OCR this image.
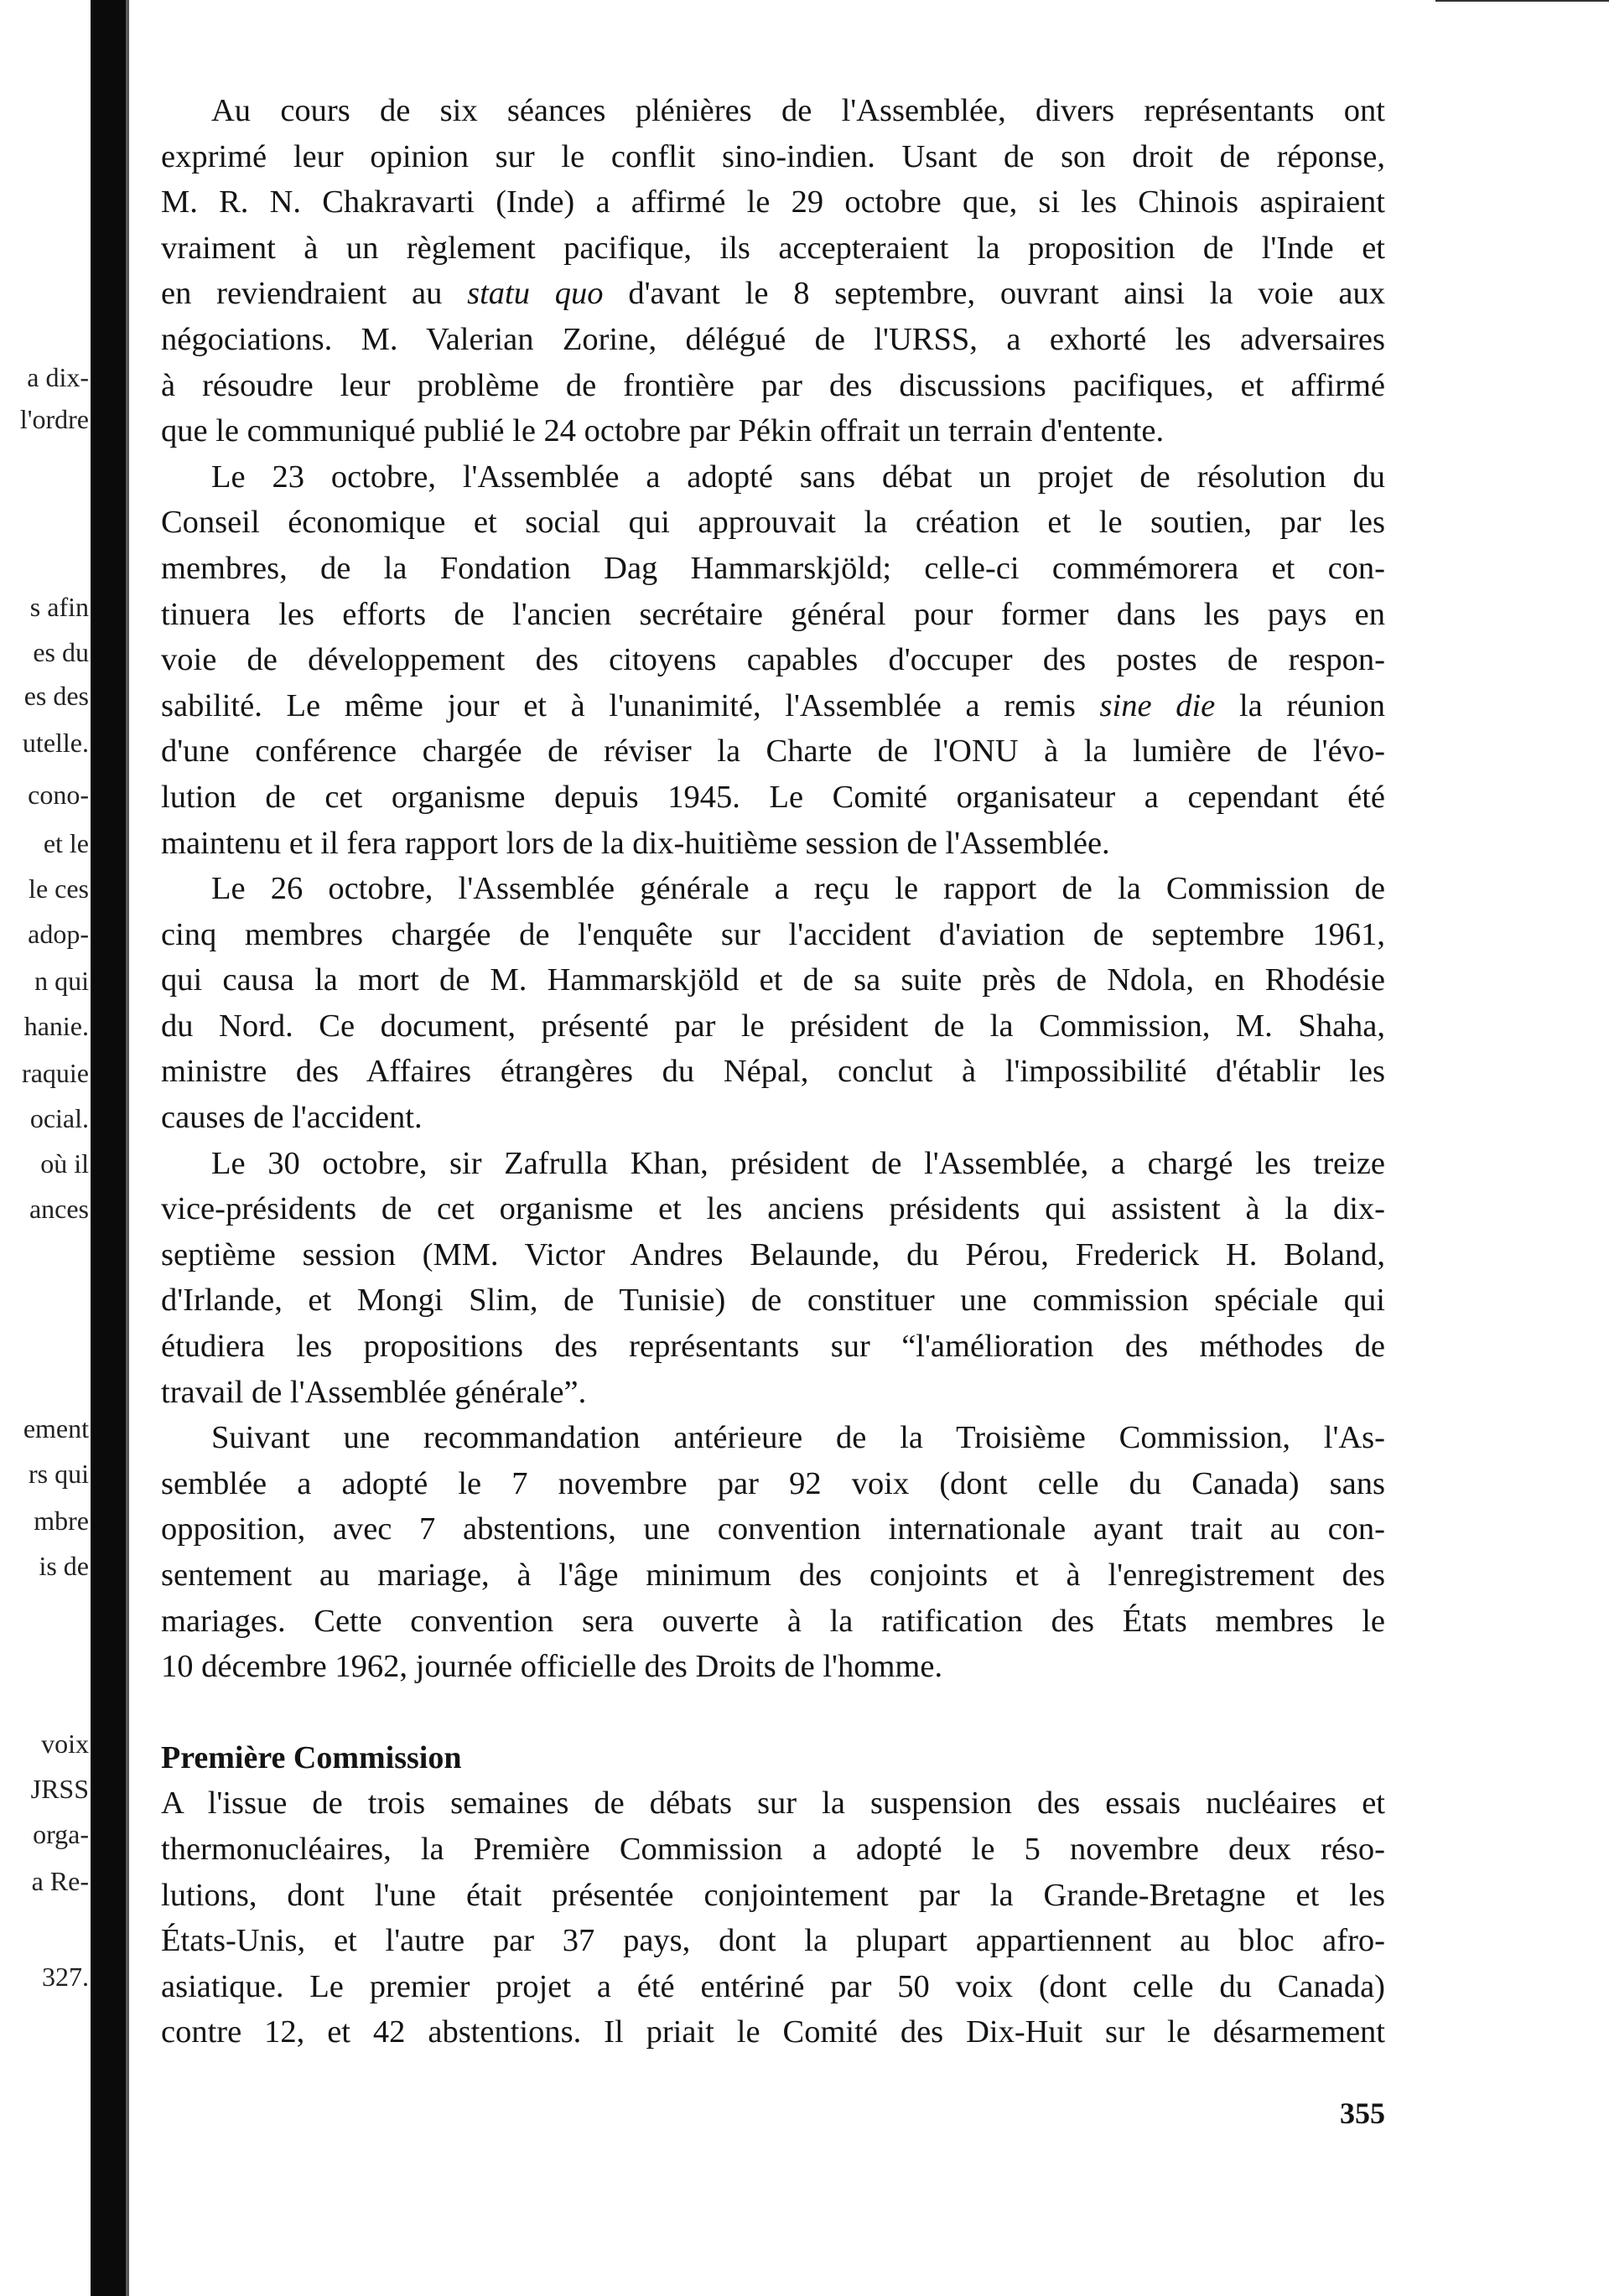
a dix-
l'ordre
s afin
es du
es des
utelle.
cono-
et le
le ces
adop-
n qui
hanie.
raquie
ocial.
où il
ances
ement
rs qui
mbre
is de
voix
JRSS
orga-
a Re-
327.
Au cours de six séances plénières de l'Assemblée, divers représentants ont
exprimé leur opinion sur le conflit sino-indien. Usant de son droit de réponse,
M. R. N. Chakravarti (Inde) a affirmé le 29 octobre que, si les Chinois aspiraient
vraiment à un règlement pacifique, ils accepteraient la proposition de l'Inde et
en reviendraient au statu quo d'avant le 8 septembre, ouvrant ainsi la voie aux
négociations. M. Valerian Zorine, délégué de l'URSS, a exhorté les adversaires
à résoudre leur problème de frontière par des discussions pacifiques, et affirmé
que le communiqué publié le 24 octobre par Pékin offrait un terrain d'entente.
Le 23 octobre, l'Assemblée a adopté sans débat un projet de résolution du
Conseil économique et social qui approuvait la création et le soutien, par les
membres, de la Fondation Dag Hammarskjöld; celle-ci commémorera et con-
tinuera les efforts de l'ancien secrétaire général pour former dans les pays en
voie de développement des citoyens capables d'occuper des postes de respon-
sabilité. Le même jour et à l'unanimité, l'Assemblée a remis sine die la réunion
d'une conférence chargée de réviser la Charte de l'ONU à la lumière de l'évo-
lution de cet organisme depuis 1945. Le Comité organisateur a cependant été
maintenu et il fera rapport lors de la dix-huitième session de l'Assemblée.
Le 26 octobre, l'Assemblée générale a reçu le rapport de la Commission de
cinq membres chargée de l'enquête sur l'accident d'aviation de septembre 1961,
qui causa la mort de M. Hammarskjöld et de sa suite près de Ndola, en Rhodésie
du Nord. Ce document, présenté par le président de la Commission, M. Shaha,
ministre des Affaires étrangères du Népal, conclut à l'impossibilité d'établir les
causes de l'accident.
Le 30 octobre, sir Zafrulla Khan, président de l'Assemblée, a chargé les treize
vice-présidents de cet organisme et les anciens présidents qui assistent à la dix-
septième session (MM. Victor Andres Belaunde, du Pérou, Frederick H. Boland,
d'Irlande, et Mongi Slim, de Tunisie) de constituer une commission spéciale qui
étudiera les propositions des représentants sur “l'amélioration des méthodes de
travail de l'Assemblée générale”.
Suivant une recommandation antérieure de la Troisième Commission, l'As-
semblée a adopté le 7 novembre par 92 voix (dont celle du Canada) sans
opposition, avec 7 abstentions, une convention internationale ayant trait au con-
sentement au mariage, à l'âge minimum des conjoints et à l'enregistrement des
mariages. Cette convention sera ouverte à la ratification des États membres le
10 décembre 1962, journée officielle des Droits de l'homme.
Première Commission
A l'issue de trois semaines de débats sur la suspension des essais nucléaires et
thermonucléaires, la Première Commission a adopté le 5 novembre deux réso-
lutions, dont l'une était présentée conjointement par la Grande-Bretagne et les
États-Unis, et l'autre par 37 pays, dont la plupart appartiennent au bloc afro-
asiatique. Le premier projet a été entériné par 50 voix (dont celle du Canada)
contre 12, et 42 abstentions. Il priait le Comité des Dix-Huit sur le désarmement
355
